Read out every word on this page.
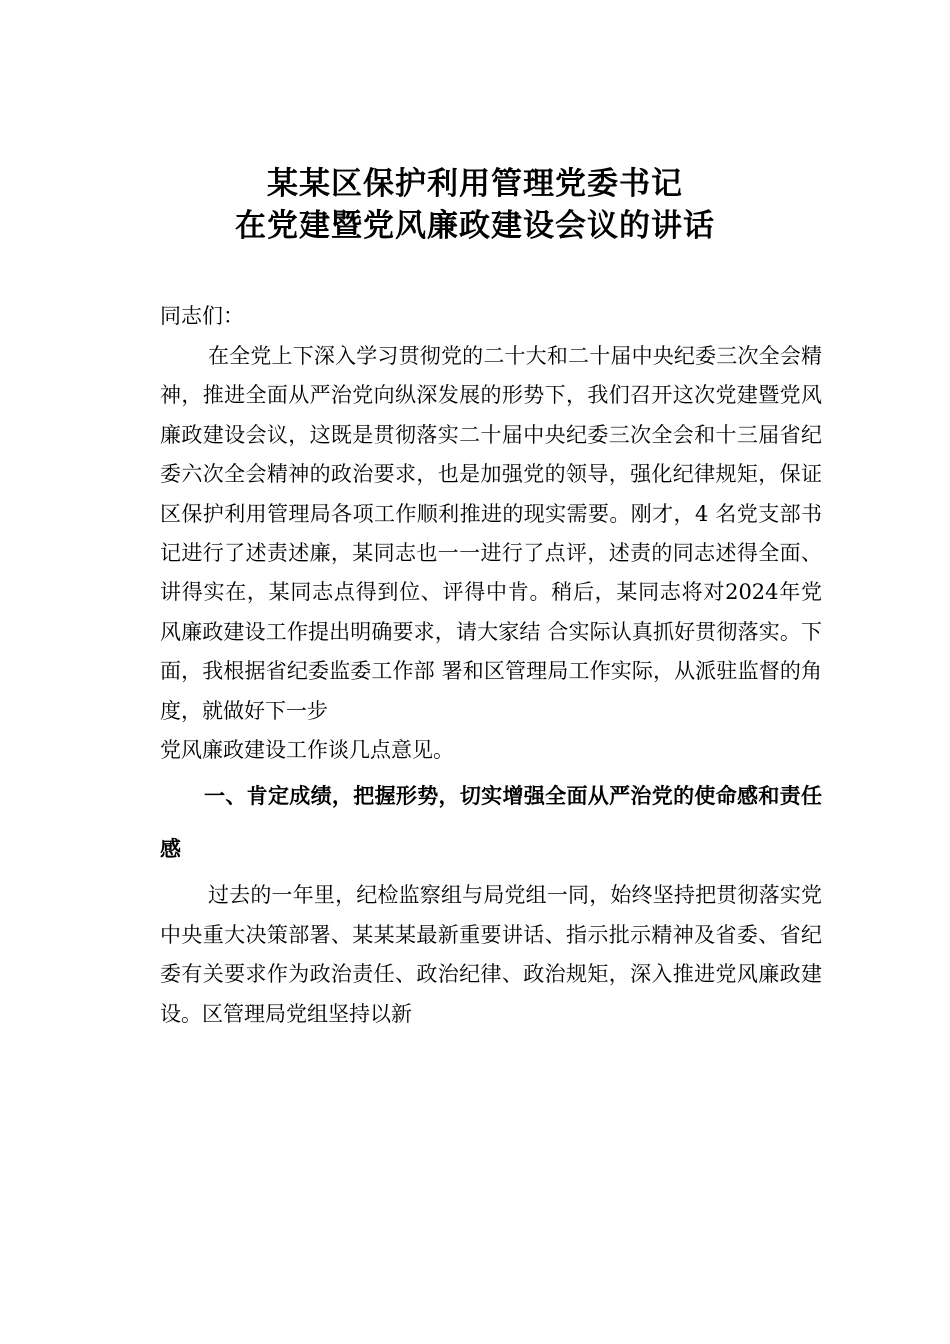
某某区保护利用管理党委书记
在党建暨党风廉政建设会议的讲话

同志们：

在全党上下深入学习贯彻党的二十大和二十届中央纪委三次全会精神，推进全面从严治党向纵深发展的形势下，我们召开这次党建暨党风廉政建设会议，这既是贯彻落实二十届中央纪委三次全会和十三届省纪委六次全会精神的政治要求，也是加强党的领导，强化纪律规矩，保证区保护利用管理局各项工作顺利推进的现实需要。刚才，4 名党支部书记进行了述责述廉，某同志也一一进行了点评，述责的同志述得全面、讲得实在，某同志点得到位、评得中肯。稍后，某同志将对2024年党风廉政建设工作提出明确要求，请大家结 合实际认真抓好贯彻落实。下面，我根据省纪委监委工作部 署和区管理局工作实际，从派驻监督的角度，就做好下一步

党风廉政建设工作谈几点意见。

一、肯定成绩，把握形势，切实增强全面从严治党的使命感和责任感

过去的一年里，纪检监察组与局党组一同，始终坚持把贯彻落实党中央重大决策部署、某某某最新重要讲话、指示批示精神及省委、省纪委有关要求作为政治责任、政治纪律、政治规矩，深入推进党风廉政建设。区管理局党组坚持以新
